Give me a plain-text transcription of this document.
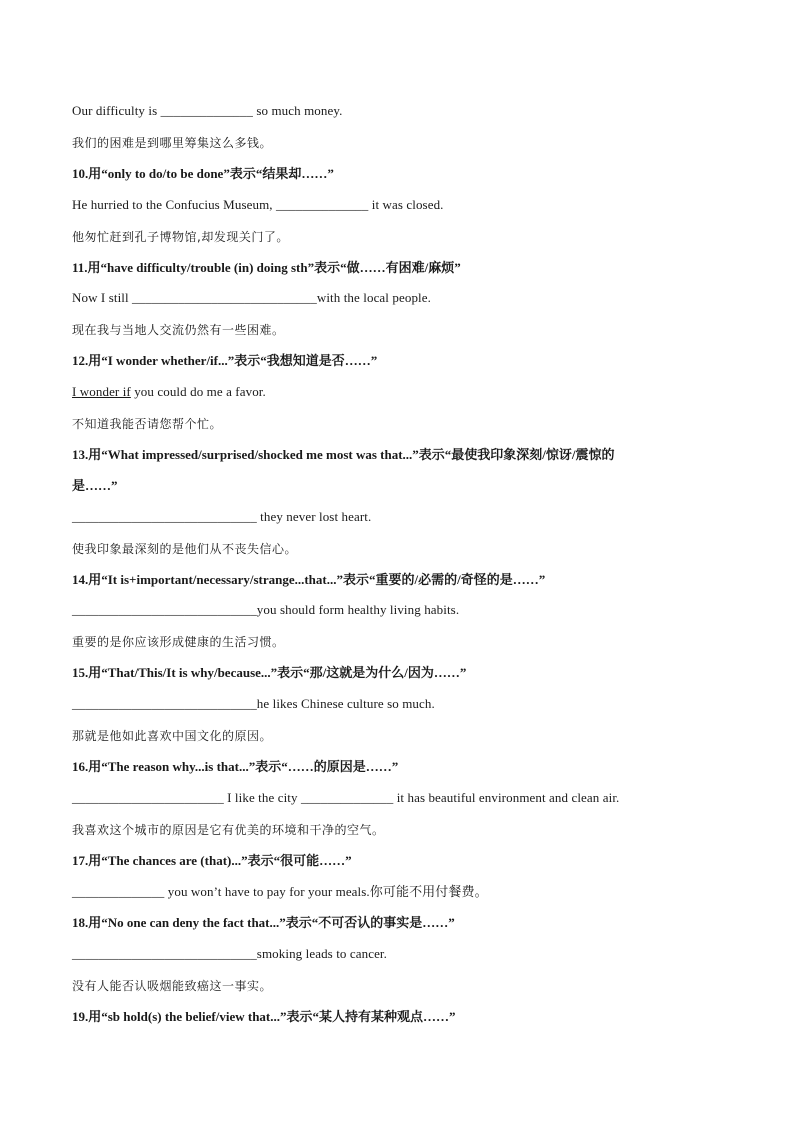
Our difficulty is ______________ so much money.
我们的困难是到哪里筹集这么多钱。
10.用“only to do/to be done”表示“结果却……”
He hurried to the Confucius Museum, ______________ it was closed.
他匆忙赶到孔子博物馆,却发现关门了。
11.用“have difficulty/trouble (in) doing sth”表示“做……有困难/麻烦”
Now I still ____________________________with the local people.
现在我与当地人交流仍然有一些困难。
12.用“I wonder whether/if...”表示“我想知道是否……”
I wonder if you could do me a favor.
不知道我能否请您帮个忙。
13.用“What impressed/surprised/shocked me most was that...”表示“最使我印象深刻/惊讶/震惊的
是……”
____________________________ they never lost heart.
使我印象最深刻的是他们从不丧失信心。
14.用“It is+important/necessary/strange...that...”表示“重要的/必需的/奇怪的是……”
____________________________you should form healthy living habits.
重要的是你应该形成健康的生活习惯。
15.用“That/This/It is why/because...”表示“那/这就是为什么/因为……”
____________________________he likes Chinese culture so much.
那就是他如此喜欢中国文化的原因。
16.用“The reason why...is that...”表示“……的原因是……”
_______________________ I like the city ______________ it has beautiful environment and clean air.
我喜欢这个城市的原因是它有优美的环境和干净的空气。
17.用“The chances are (that)...”表示“很可能……”
______________ you won’t have to pay for your meals.你可能不用付餐费。
18.用“No one can deny the fact that...”表示“不可否认的事实是……”
____________________________smoking leads to cancer.
没有人能否认吸烟能致癌这一事实。
19.用“sb hold(s) the belief/view that...”表示“某人持有某种观点……”
